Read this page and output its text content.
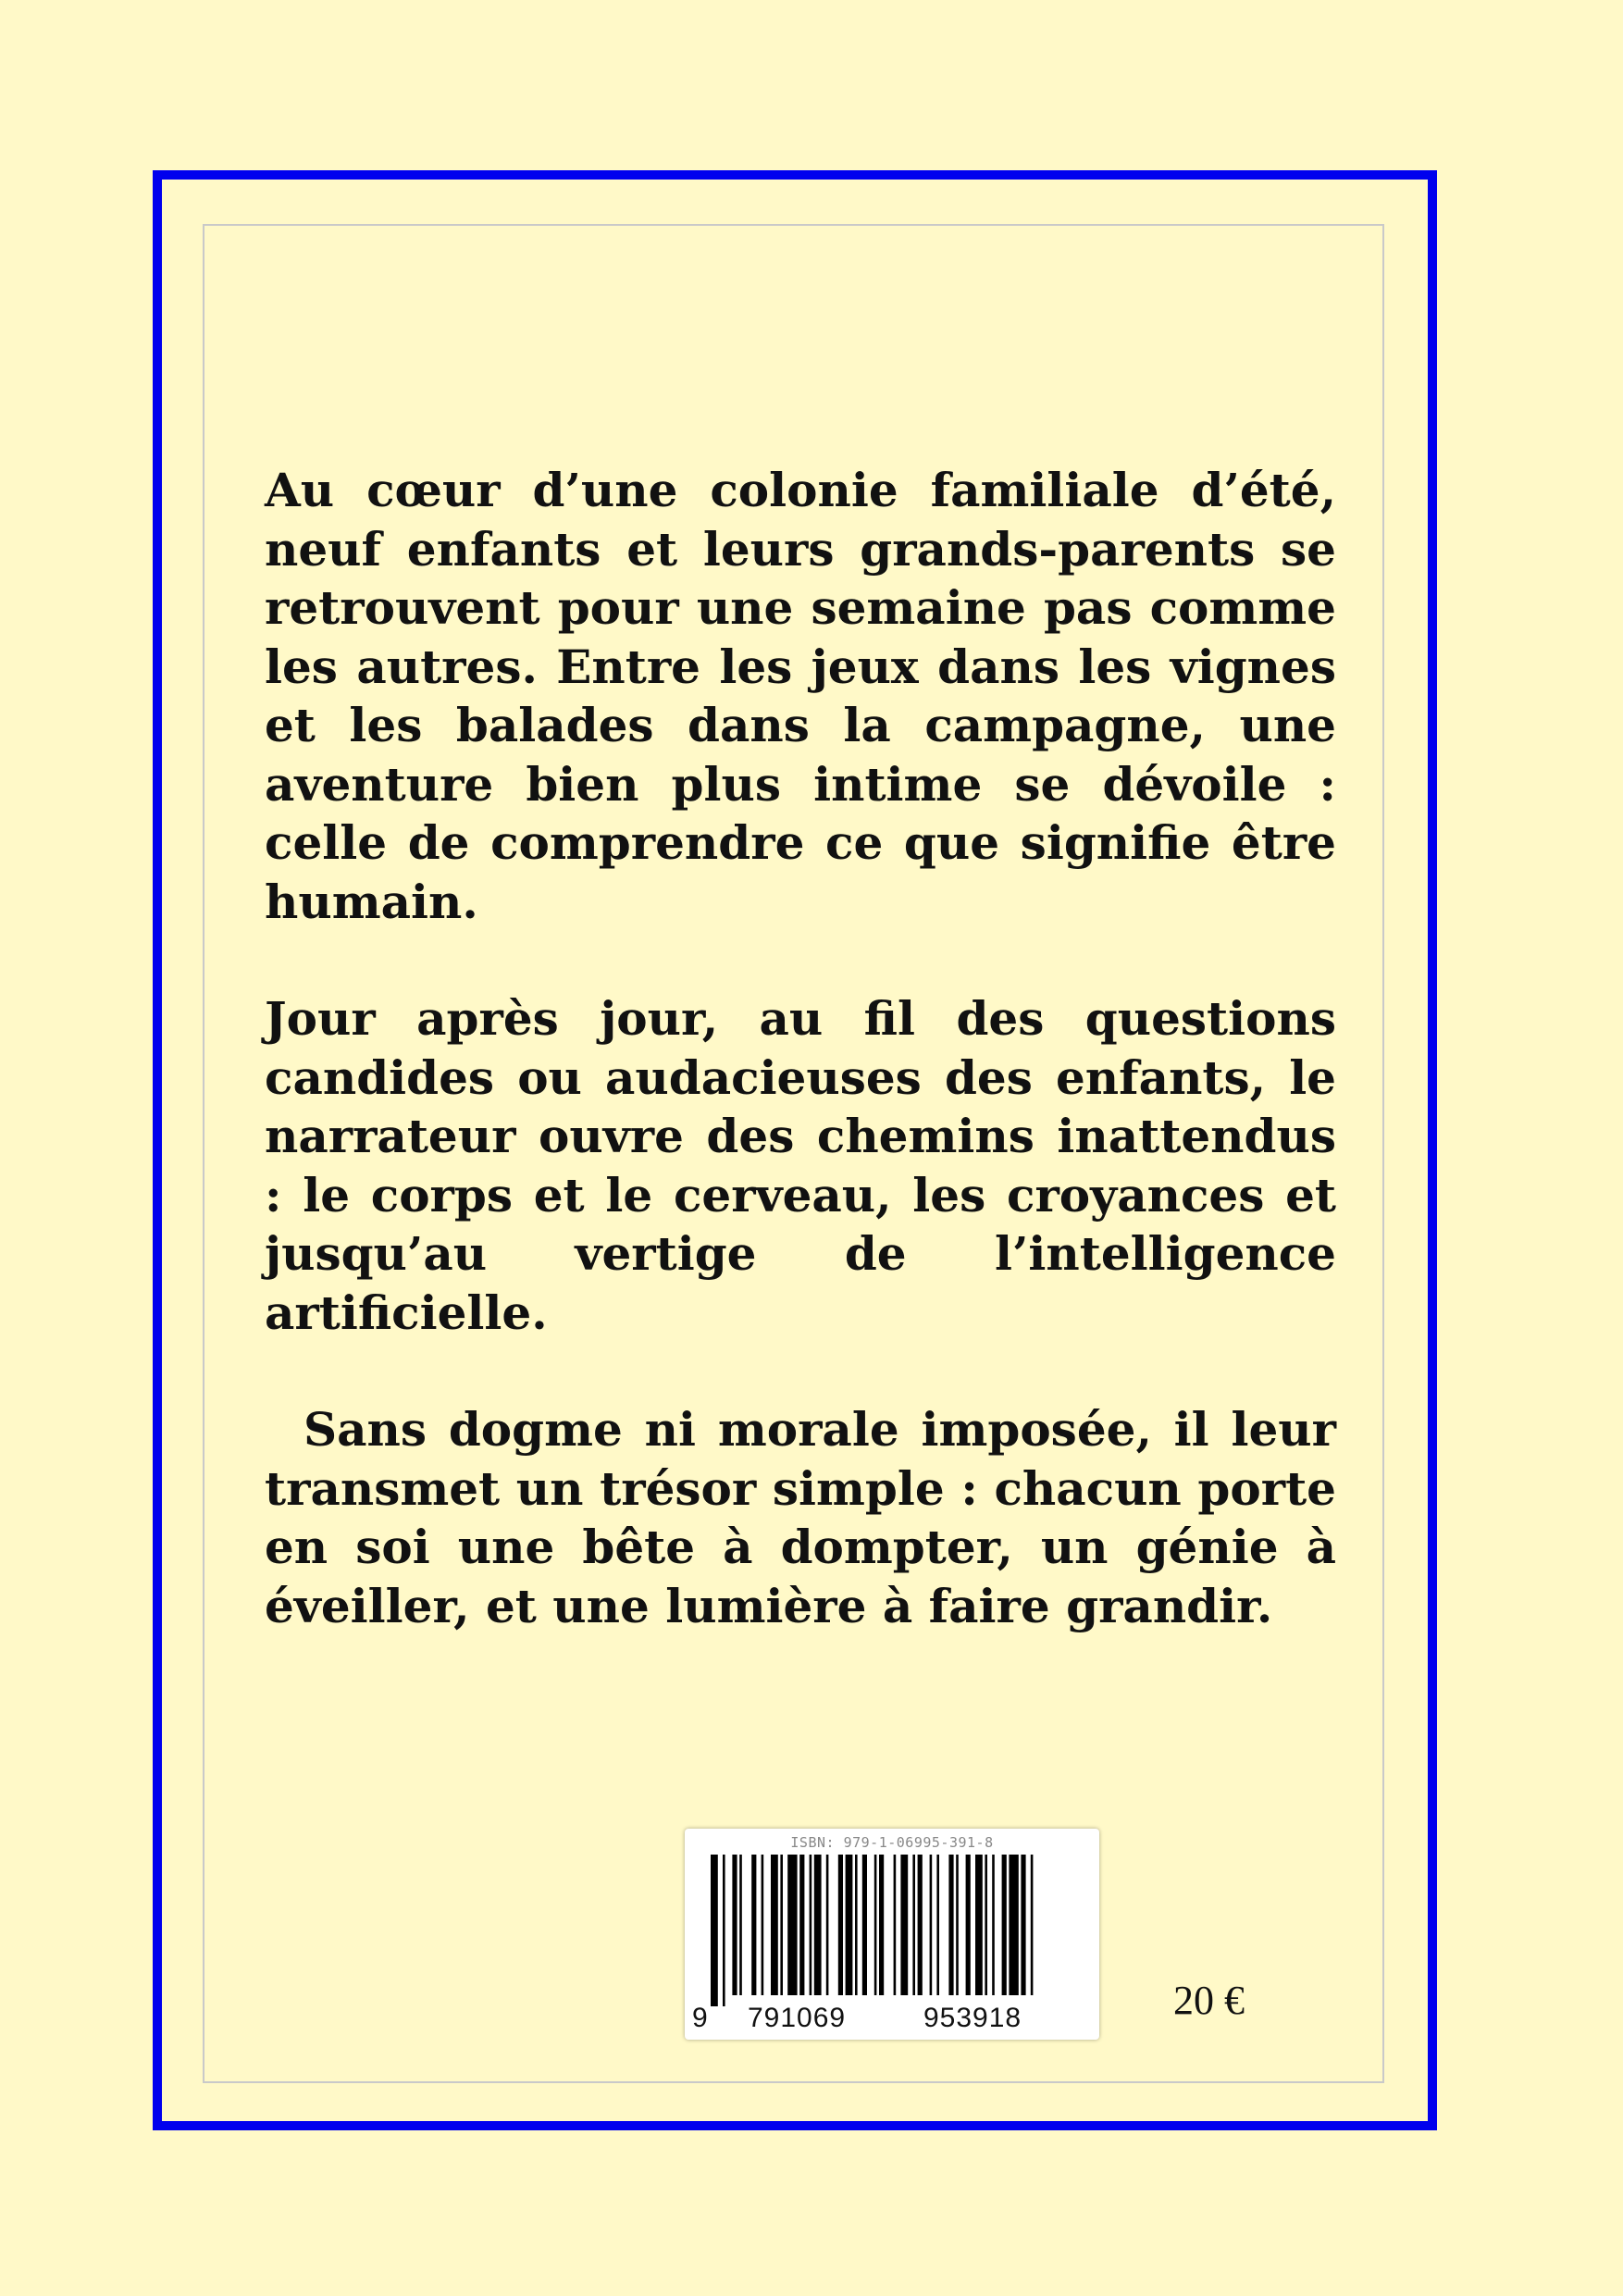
Au cœur d’une colonie familiale d’été, neuf enfants et leurs grands-parents se retrouvent pour une semaine pas comme les autres. Entre les jeux dans les vignes et les balades dans la campagne, une aventure bien plus intime se dévoile : celle de comprendre ce que signifie être humain.

Jour après jour, au fil des questions candides ou audacieuses des enfants, le narrateur ouvre des chemins inattendus : le corps et le cerveau, les croyances et jusqu’au vertige de l’intelligence artificielle.

Sans dogme ni morale imposée, il leur transmet un trésor simple : chacun porte en soi une bête à dompter, un génie à éveiller, et une lumière à faire grandir.

ISBN: 979-1-06995-391-8
9 791069	953918	20 €
